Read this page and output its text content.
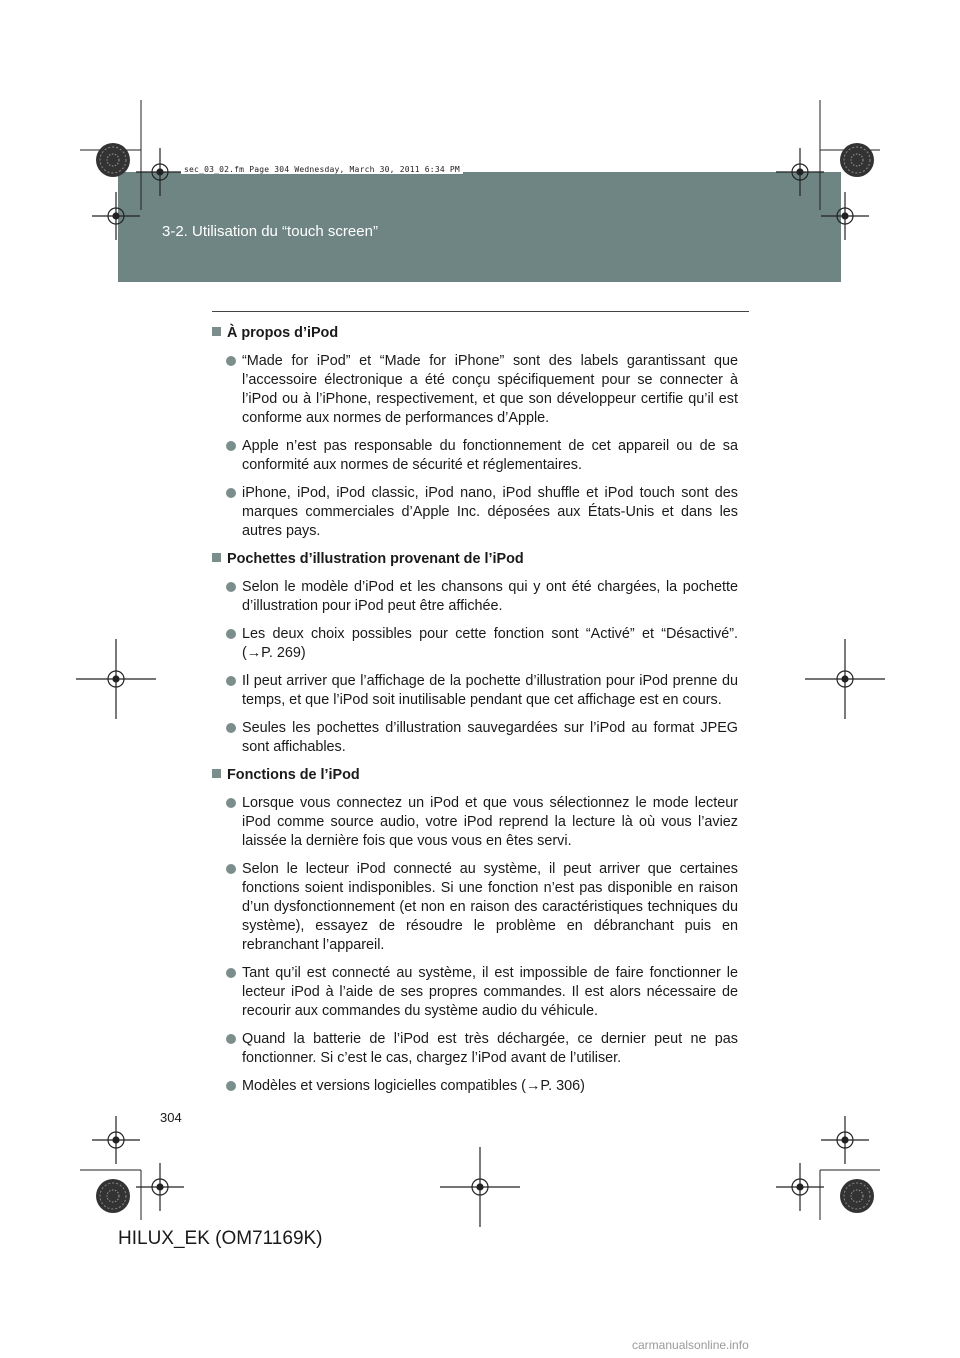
3-2. Utilisation du “touch screen”
sec_03_02.fm Page 304 Wednesday, March 30, 2011 6:34 PM
À propos d’iPod
“Made for iPod” et “Made for iPhone” sont des labels garantissant que l’accessoire électronique a été conçu spécifiquement pour se connecter à l’iPod ou à l’iPhone, respectivement, et que son développeur certifie qu’il est conforme aux normes de performances d’Apple.
Apple n’est pas responsable du fonctionnement de cet appareil ou de sa conformité aux normes de sécurité et réglementaires.
iPhone, iPod, iPod classic, iPod nano, iPod shuffle et iPod touch sont des marques commerciales d’Apple Inc. déposées aux États-Unis et dans les autres pays.
Pochettes d’illustration provenant de l’iPod
Selon le modèle d’iPod et les chansons qui y ont été chargées, la pochette d’illustration pour iPod peut être affichée.
Les deux choix possibles pour cette fonction sont “Activé” et “Désactivé”. (→P. 269)
Il peut arriver que l’affichage de la pochette d’illustration pour iPod prenne du temps, et que l’iPod soit inutilisable pendant que cet affichage est en cours.
Seules les pochettes d’illustration sauvegardées sur l’iPod au format JPEG sont affichables.
Fonctions de l’iPod
Lorsque vous connectez un iPod et que vous sélectionnez le mode lecteur iPod comme source audio, votre iPod reprend la lecture là où vous l’aviez laissée la dernière fois que vous vous en êtes servi.
Selon le lecteur iPod connecté au système, il peut arriver que certaines fonctions soient indisponibles. Si une fonction n’est pas disponible en raison d’un dysfonctionnement (et non en raison des caractéristiques techniques du système), essayez de résoudre le problème en débranchant puis en rebranchant l’appareil.
Tant qu’il est connecté au système, il est impossible de faire fonctionner le lecteur iPod à l’aide de ses propres commandes. Il est alors nécessaire de recourir aux commandes du système audio du véhicule.
Quand la batterie de l’iPod est très déchargée, ce dernier peut ne pas fonctionner. Si c’est le cas, chargez l’iPod avant de l’utiliser.
Modèles et versions logicielles compatibles (→P. 306)
304
HILUX_EK (OM71169K)
carmanualsonline.info
